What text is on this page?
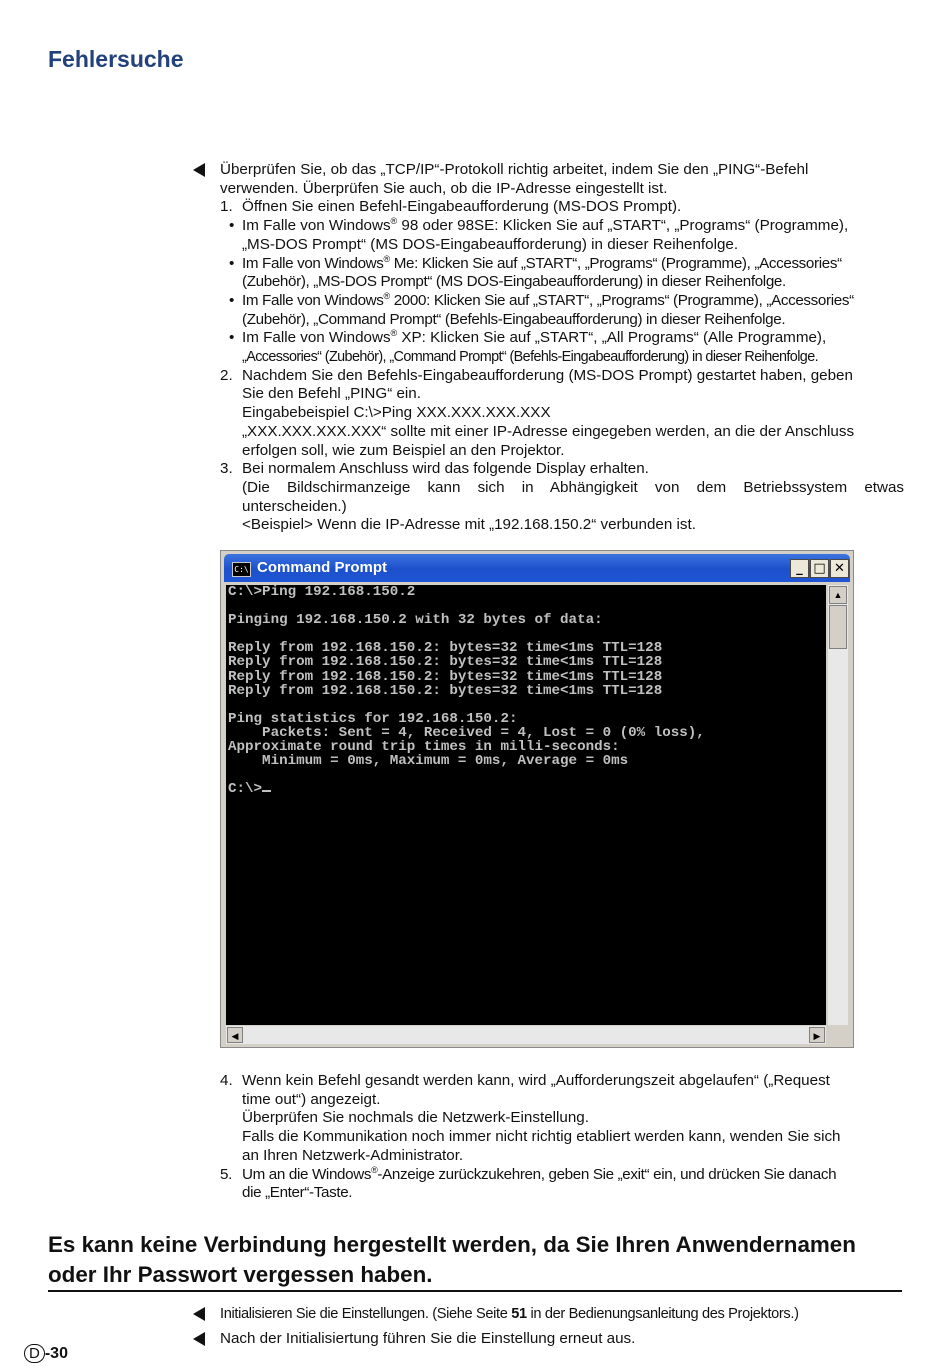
Fehlersuche
Überprüfen Sie, ob das „TCP/IP“-Protokoll richtig arbeitet, indem Sie den „PING“-Befehl
verwenden. Überprüfen Sie auch, ob die IP-Adresse eingestellt ist.
1. Öffnen Sie einen Befehl-Eingabeaufforderung (MS-DOS Prompt).
• Im Falle von Windows® 98 oder 98SE: Klicken Sie auf „START“, „Programs“ (Programme),
„MS-DOS Prompt“ (MS DOS-Eingabeaufforderung) in dieser Reihenfolge.
• Im Falle von Windows® Me: Klicken Sie auf „START“, „Programs“ (Programme), „Accessories“
(Zubehör), „MS-DOS Prompt“ (MS DOS-Eingabeaufforderung) in dieser Reihenfolge.
• Im Falle von Windows® 2000: Klicken Sie auf „START“, „Programs“ (Programme), „Accessories“
(Zubehör), „Command Prompt“ (Befehls-Eingabeaufforderung) in dieser Reihenfolge.
• Im Falle von Windows® XP: Klicken Sie auf „START“, „All Programs“ (Alle Programme),
„Accessories“ (Zubehör), „Command Prompt“ (Befehls-Eingabeaufforderung) in dieser Reihenfolge.
2. Nachdem Sie den Befehls-Eingabeaufforderung (MS-DOS Prompt) gestartet haben, geben
Sie den Befehl „PING“ ein.
Eingabebeispiel C:\>Ping XXX.XXX.XXX.XXX
„XXX.XXX.XXX.XXX“ sollte mit einer IP-Adresse eingegeben werden, an die der Anschluss
erfolgen soll, wie zum Beispiel an den Projektor.
3. Bei normalem Anschluss wird das folgende Display erhalten.
(Die Bildschirmanzeige kann sich in Abhängigkeit von dem Betriebssystem etwas
unterscheiden.)
<Beispiel> Wenn die IP-Adresse mit „192.168.150.2“ verbunden ist.
C:\ Command Prompt	_ □ ✕
C:\>Ping 192.168.150.2

Pinging 192.168.150.2 with 32 bytes of data:

Reply from 192.168.150.2: bytes=32 time<1ms TTL=128
Reply from 192.168.150.2: bytes=32 time<1ms TTL=128
Reply from 192.168.150.2: bytes=32 time<1ms TTL=128
Reply from 192.168.150.2: bytes=32 time<1ms TTL=128

Ping statistics for 192.168.150.2:
Packets: Sent = 4, Received = 4, Lost = 0 (0% loss),
Approximate round trip times in milli-seconds:
Minimum = 0ms, Maximum = 0ms, Average = 0ms

C:\>
▲
◀	▶
4. Wenn kein Befehl gesandt werden kann, wird „Aufforderungszeit abgelaufen“ („Request
time out“) angezeigt.
Überprüfen Sie nochmals die Netzwerk-Einstellung.
Falls die Kommunikation noch immer nicht richtig etabliert werden kann, wenden Sie sich
an Ihren Netzwerk-Administrator.
5. Um an die Windows®-Anzeige zurückzukehren, geben Sie „exit“ ein, und drücken Sie danach
die „Enter“-Taste.
Es kann keine Verbindung hergestellt werden, da Sie Ihren Anwendernamen
oder Ihr Passwort vergessen haben.
Initialisieren Sie die Einstellungen. (Siehe Seite 51 in der Bedienungsanleitung des Projektors.)
Nach der Initialisiertung führen Sie die Einstellung erneut aus.
D -30
